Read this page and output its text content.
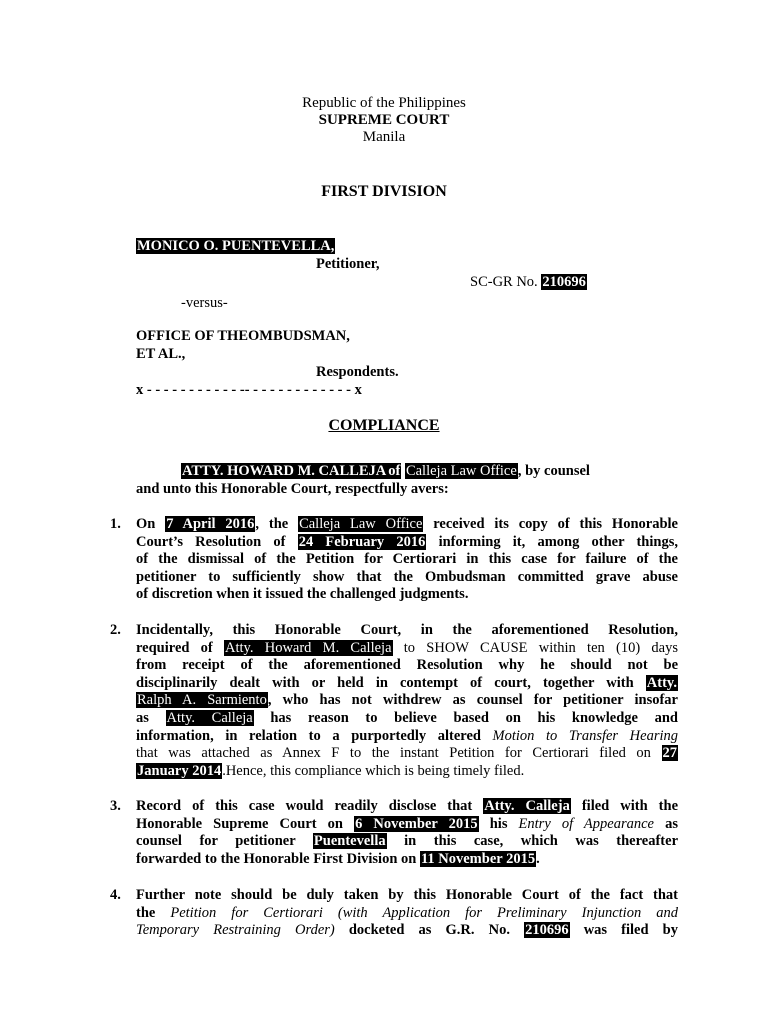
Republic of the Philippines
SUPREME COURT
Manila
FIRST DIVISION
MONICO O. PUENTEVELLA,
Petitioner,
SC-GR No. 210696
-versus-
OFFICE OF THEOMBUDSMAN,
ET AL.,
Respondents.
x - - - - - - - - - - - -- - - - - - - - - - - - - x
COMPLIANCE
ATTY. HOWARD M. CALLEJA of Calleja Law Office, by counsel
and unto this Honorable Court, respectfully avers:
1. On 7 April 2016, the Calleja Law Office received its copy of this Honorable
Court’s Resolution of 24 February 2016 informing it, among other things,
of the dismissal of the Petition for Certiorari in this case for failure of the
petitioner to sufficiently show that the Ombudsman committed grave abuse
of discretion when it issued the challenged judgments.
2. Incidentally, this Honorable Court, in the aforementioned Resolution,
required of Atty. Howard M. Calleja to SHOW CAUSE within ten (10) days
from receipt of the aforementioned Resolution why he should not be
disciplinarily dealt with or held in contempt of court, together with Atty.
Ralph A. Sarmiento, who has not withdrew as counsel for petitioner insofar
as Atty. Calleja has reason to believe based on his knowledge and
information, in relation to a purportedly altered Motion to Transfer Hearing
that was attached as Annex F to the instant Petition for Certiorari filed on 27
January 2014.Hence, this compliance which is being timely filed.
3. Record of this case would readily disclose that Atty. Calleja filed with the
Honorable Supreme Court on 6 November 2015 his Entry of Appearance as
counsel for petitioner Puentevella in this case, which was thereafter
forwarded to the Honorable First Division on 11 November 2015.
4. Further note should be duly taken by this Honorable Court of the fact that
the Petition for Certiorari (with Application for Preliminary Injunction and
Temporary Restraining Order) docketed as G.R. No. 210696 was filed by
